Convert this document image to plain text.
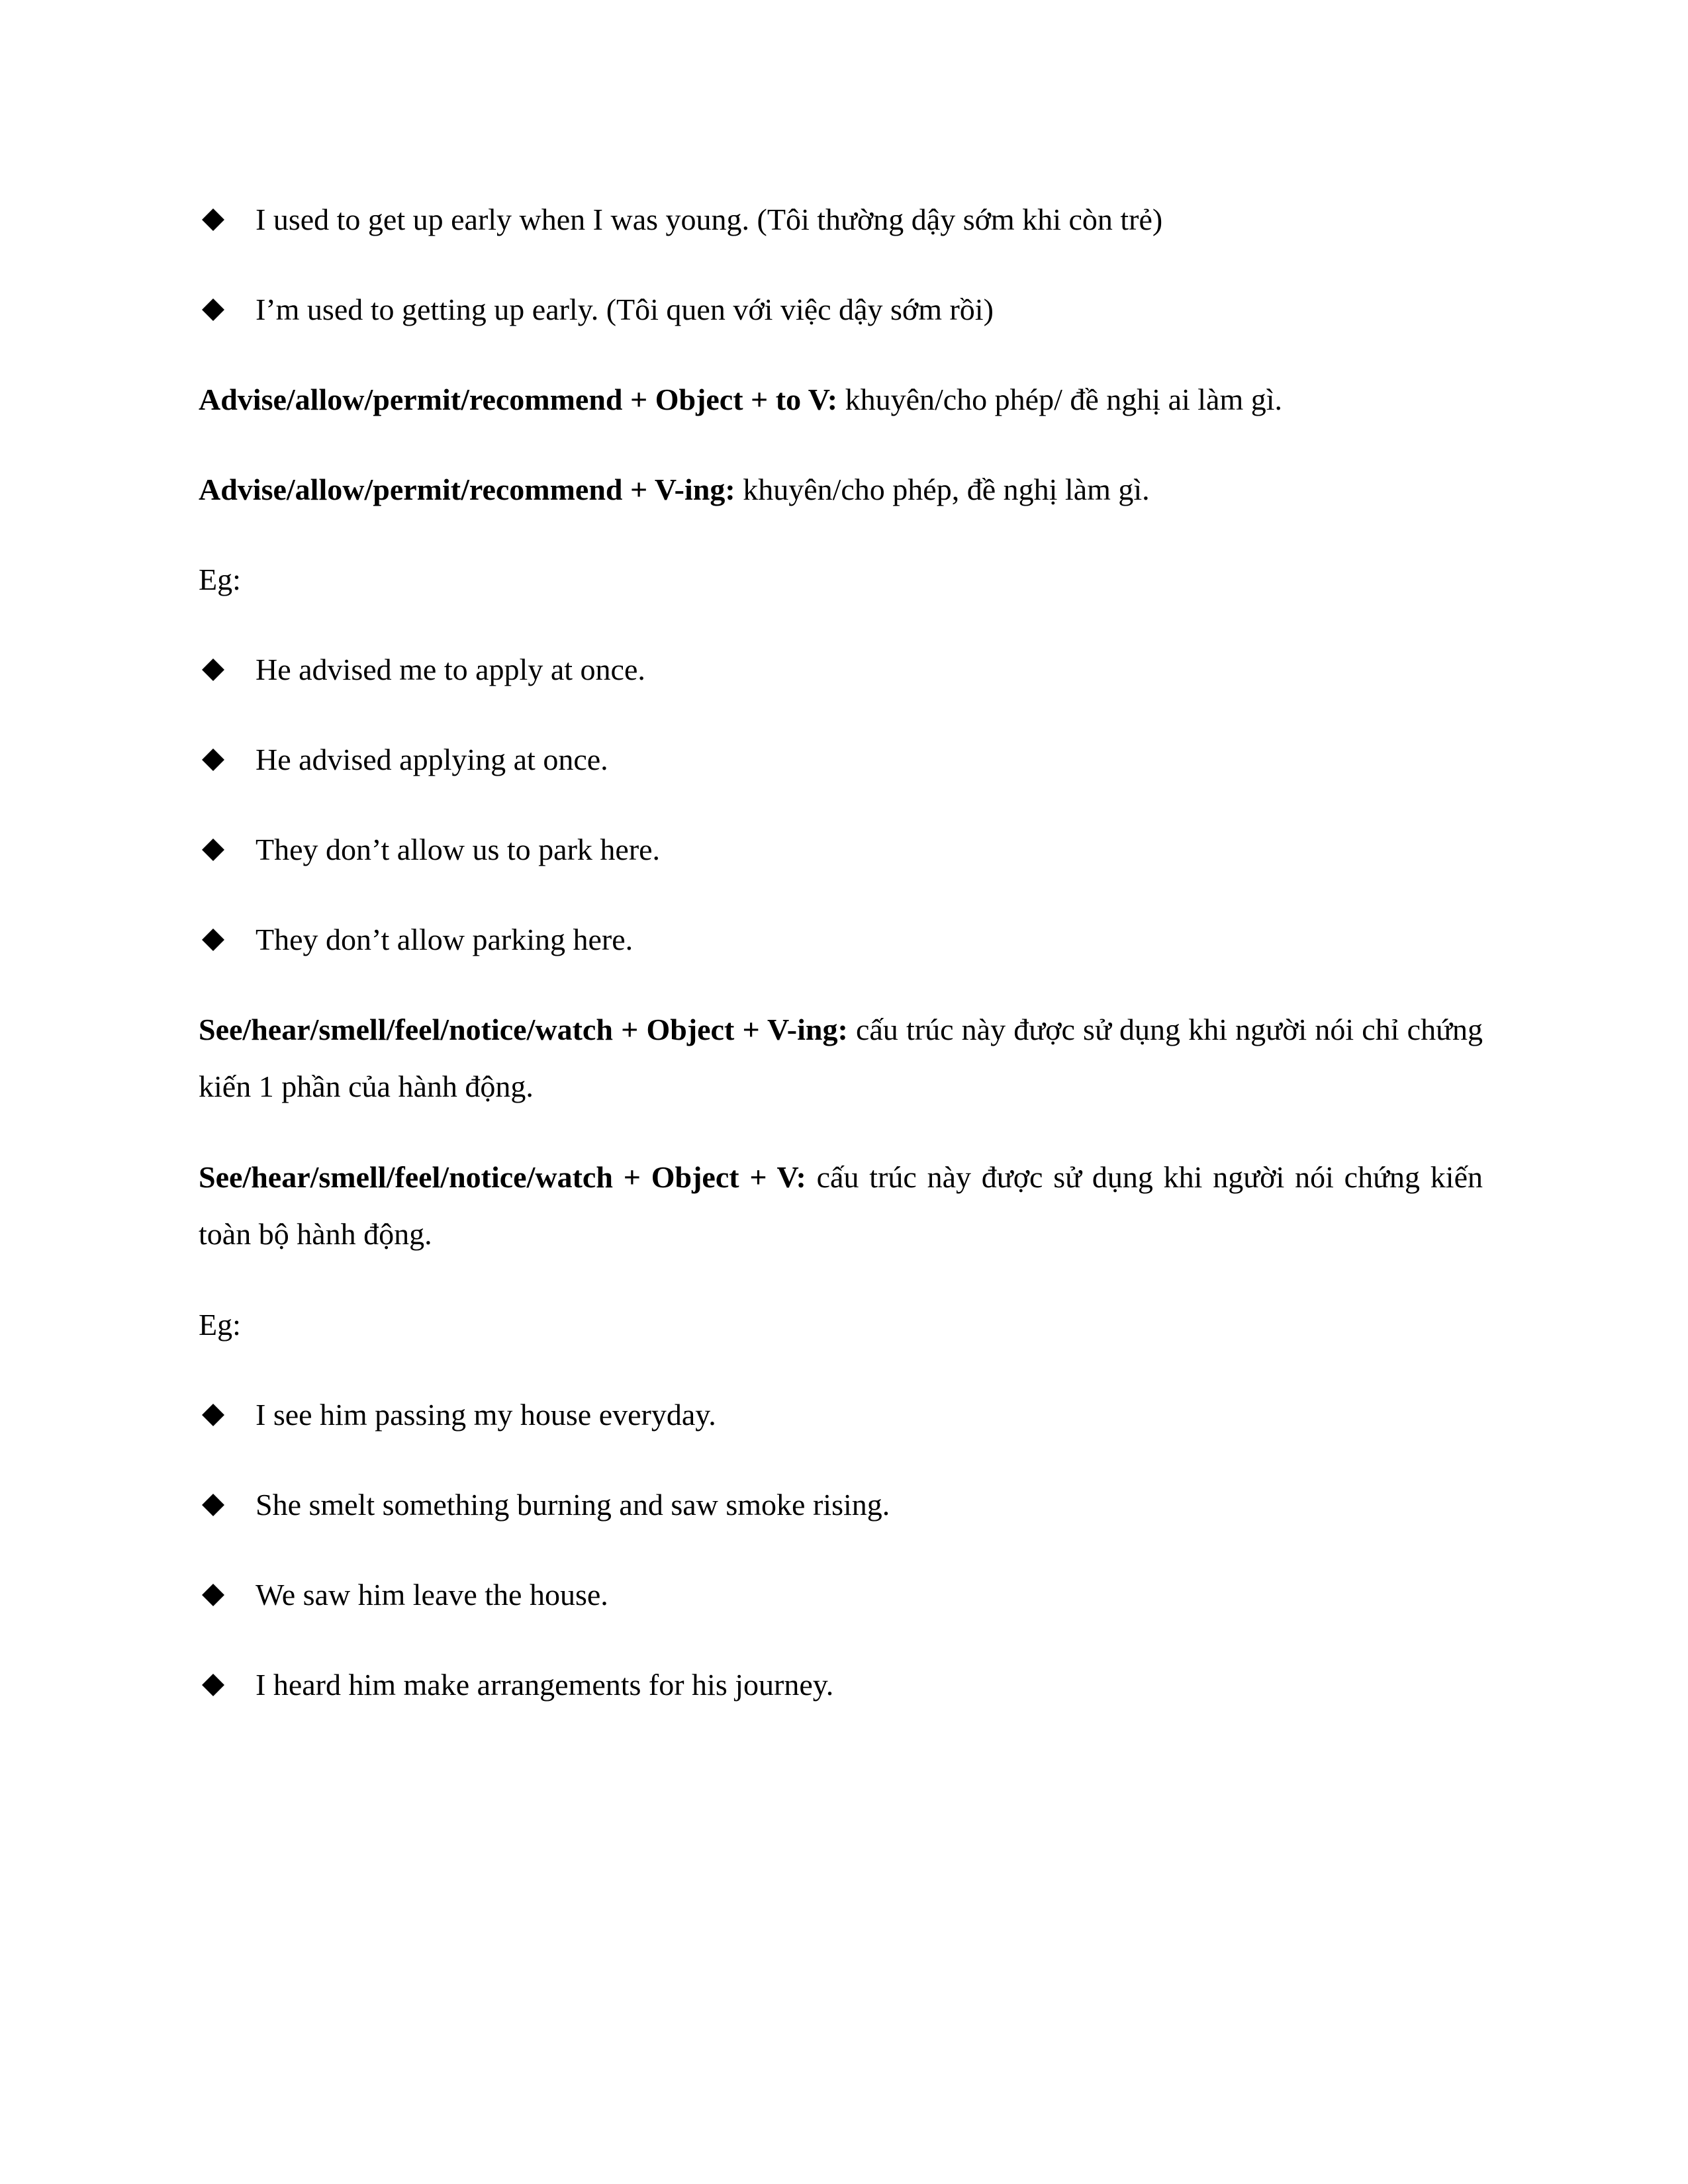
I used to get up early when I was young. (Tôi thường dậy sớm khi còn trẻ)
I’m used to getting up early. (Tôi quen với việc dậy sớm rồi)
Advise/allow/permit/recommend + Object + to V: khuyên/cho phép/ đề nghị ai làm gì.
Advise/allow/permit/recommend + V-ing: khuyên/cho phép, đề nghị làm gì.
Eg:
He advised me to apply at once.
He advised applying at once.
They don’t allow us to park here.
They don’t allow parking here.
See/hear/smell/feel/notice/watch + Object + V-ing: cấu trúc này được sử dụng khi người nói chỉ chứng kiến 1 phần của hành động.
See/hear/smell/feel/notice/watch + Object + V: cấu trúc này được sử dụng khi người nói chứng kiến toàn bộ hành động.
Eg:
I see him passing my house everyday.
She smelt something burning and saw smoke rising.
We saw him leave the house.
I heard him make arrangements for his journey.
